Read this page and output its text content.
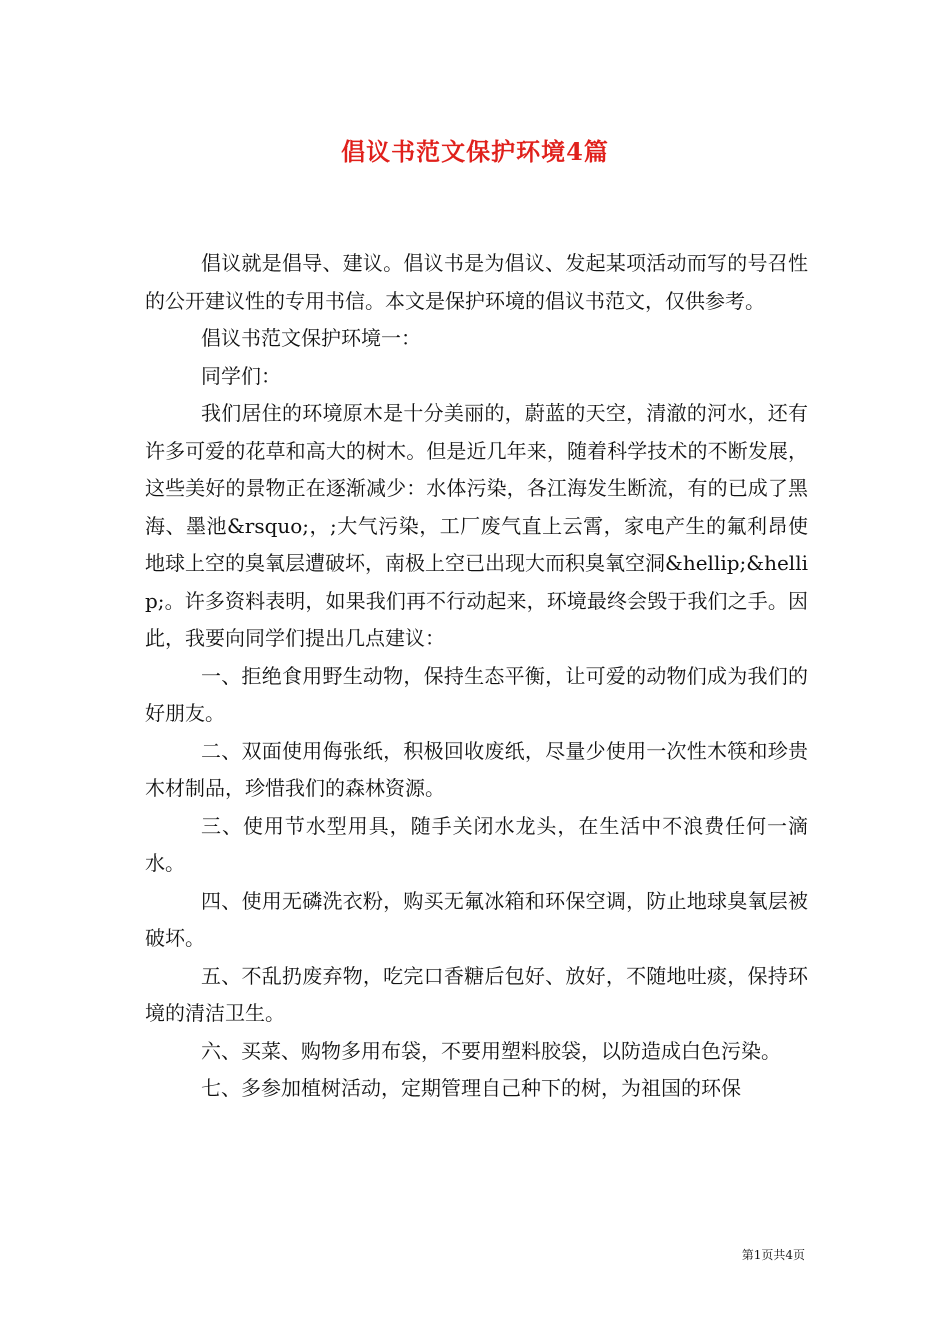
倡议书范文保护环境4篇

倡议就是倡导、建议。倡议书是为倡议、发起某项活动而写的号召性的公开建议性的专用书信。本文是保护环境的倡议书范文，仅供参考。

倡议书范文保护环境一：

同学们：

我们居住的环境原木是十分美丽的，蔚蓝的天空，清澈的河水，还有许多可爱的花草和高大的树木。但是近几年来，随着科学技术的不断发展，这些美好的景物正在逐渐减少：水体污染，各江海发生断流，有的已成了黑海、墨池&rsquo;，;大气污染，工厂废气直上云霄，家电产生的氟利昂使地球上空的臭氧层遭破坏，南极上空已出现大而积臭氧空洞&hellip;&hellip;。许多资料表明，如果我们再不行动起来，环境最终会毁于我们之手。因此，我要向同学们提出几点建议：

一、拒绝食用野生动物，保持生态平衡，让可爱的动物们成为我们的好朋友。

二、双面使用侮张纸，积极回收废纸，尽量少使用一次性木筷和珍贵木材制品，珍惜我们的森林资源。

三、使用节水型用具，随手关闭水龙头，在生活中不浪费任何一滴水。

四、使用无磷洗衣粉，购买无氟冰箱和环保空调，防止地球臭氧层被破坏。

五、不乱扔废弃物，吃完口香糖后包好、放好，不随地吐痰，保持环境的清洁卫生。

六、买菜、购物多用布袋，不要用塑料胶袋，以防造成白色污染。

七、多参加植树活动，定期管理自己种下的树，为祖国的环保

第1页共4页
